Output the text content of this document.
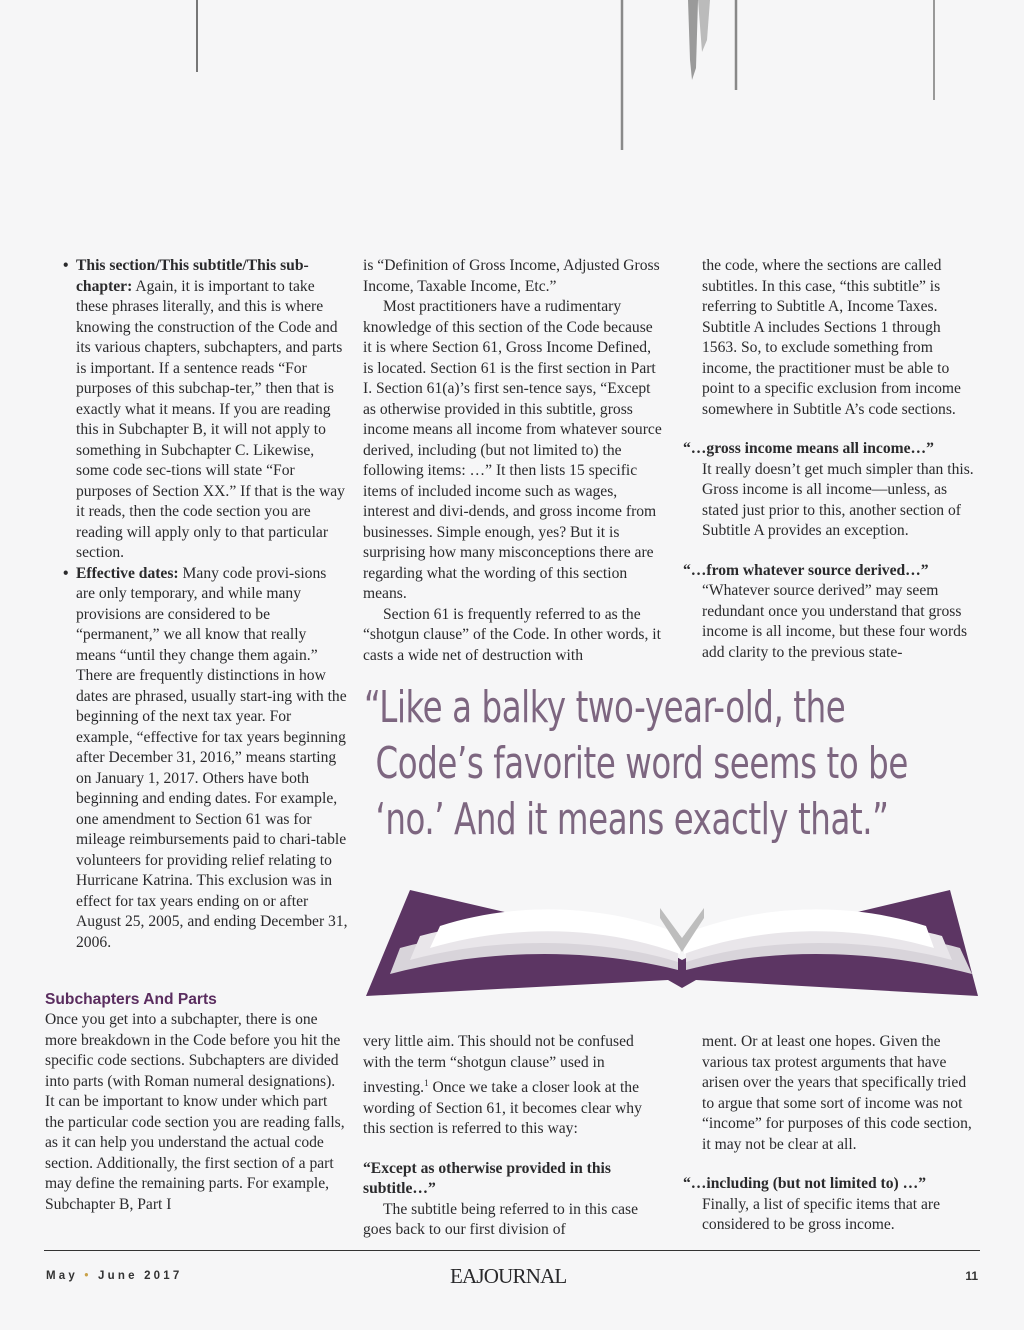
• This section/This subtitle/This sub-chapter: Again, it is important to take these phrases literally, and this is where knowing the construction of the Code and its various chapters, subchapters, and parts is important. If a sentence reads “For purposes of this subchap-ter,” then that is exactly what it means. If you are reading this in Subchapter B, it will not apply to something in Subchapter C. Likewise, some code sec-tions will state “For purposes of Section XX.” If that is the way it reads, then the code section you are reading will apply only to that particular section.

• Effective dates: Many code provi-sions are only temporary, and while many provisions are considered to be “permanent,” we all know that really means “until they change them again.” There are frequently distinctions in how dates are phrased, usually start-ing with the beginning of the next tax year. For example, “effective for tax years beginning after December 31, 2016,” means starting on January 1, 2017. Others have both beginning and ending dates. For example, one amendment to Section 61 was for mileage reimbursements paid to chari-table volunteers for providing relief relating to Hurricane Katrina. This exclusion was in effect for tax years ending on or after August 25, 2005, and ending December 31, 2006.

Subchapters And Parts

Once you get into a subchapter, there is one more breakdown in the Code before you hit the specific code sections. Subchapters are divided into parts (with Roman numeral designations). It can be important to know under which part the particular code section you are reading falls, as it can help you understand the actual code section. Additionally, the first section of a part may define the remaining parts. For example, Subchapter B, Part I

is “Definition of Gross Income, Adjusted Gross Income, Taxable Income, Etc.”

Most practitioners have a rudimentary knowledge of this section of the Code because it is where Section 61, Gross Income Defined, is located. Section 61 is the first section in Part I. Section 61(a)’s first sen-tence says, “Except as otherwise provided in this subtitle, gross income means all income from whatever source derived, including (but not limited to) the following items: …” It then lists 15 specific items of included income such as wages, interest and divi-dends, and gross income from businesses. Simple enough, yes? But it is surprising how many misconceptions there are regarding what the wording of this section means.

Section 61 is frequently referred to as the “shotgun clause” of the Code. In other words, it casts a wide net of destruction with

the code, where the sections are called subtitles. In this case, “this subtitle” is referring to Subtitle A, Income Taxes. Subtitle A includes Sections 1 through 1563. So, to exclude something from income, the practitioner must be able to point to a specific exclusion from income somewhere in Subtitle A’s code sections.

“…gross income means all income…”

It really doesn’t get much simpler than this. Gross income is all income—unless, as stated just prior to this, another section of Subtitle A provides an exception.

“…from whatever source derived…”

“Whatever source derived” may seem redundant once you understand that gross income is all income, but these four words add clarity to the previous state-

“Like a balky two-year-old, the
Code’s favorite word seems to be
‘no.’ And it means exactly that.”

very little aim. This should not be confused with the term “shotgun clause” used in investing.$^1$ Once we take a closer look at the wording of Section 61, it becomes clear why this section is referred to this way:

“Except as otherwise provided in this subtitle…”

The subtitle being referred to in this case goes back to our first division of

ment. Or at least one hopes. Given the various tax protest arguments that have arisen over the years that specifically tried to argue that some sort of income was not “income” for purposes of this code section, it may not be clear at all.

“…including (but not limited to) …”

Finally, a list of specific items that are considered to be gross income.

May • June 2017	EAJOURNAL	11
